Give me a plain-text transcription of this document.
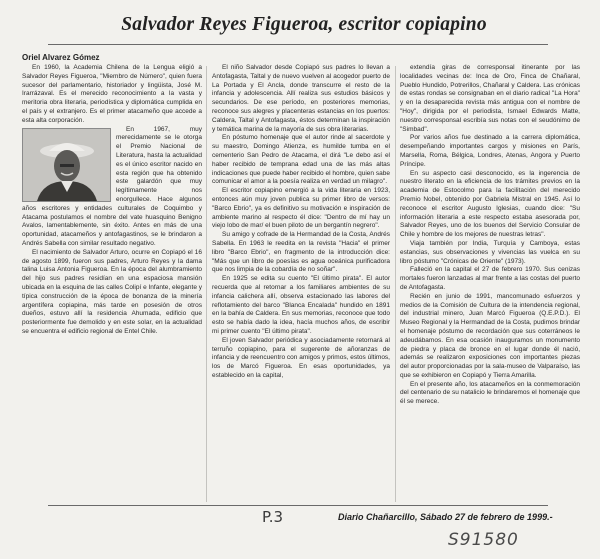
Salvador Reyes Figueroa, escritor copiapino
Oriel Alvarez Gómez

En 1960, la Academia Chilena de la Lengua eligió a Salvador Reyes Figueroa, "Miembro de Número", quien fuera sucesor del parlamentario, historiador y lingüista, José M. Irarrázaval. Es el merecido reconocimiento a la vasta y meritoria obra literaria, periodística y diplomática cumplida en el país y el extranjero. Es el primer atacameño que accede a esta alta corporación.

En 1967, muy merecidamente se le otorga el Premio Nacional de Literatura, hasta la actualidad es el único escritor nacido en esta región que ha obtenido este galardón que muy legítimamente nos enorgullece. Hace algunos años escritores y entidades culturales de Coquimbo y Atacama postulamos el nombre del vate huasquino Benigno Avalos, lamentablemente, sin éxito. Antes en más de una oportunidad, atacameños y antofagastinos, se le brindaron a Andrés Sabella con similar resultado negativo.

El nacimiento de Salvador Arturo, ocurre en Copiapó el 16 de agosto 1899, fueron sus padres, Arturo Reyes y la dama talina Luisa Antonia Figueroa. En la época del alumbramiento del hijo sus padres residían en una espaciosa mansión ubicada en la esquina de las calles Colipí e Infante, elegante y típica construcción de la época de bonanza de la minería argentífera copiapina, más tarde en posesión de otros dueños, estuvo allí la residencia Ahumada, edificio que posteriormente fue demolido y en este solar, en la actualidad se encuentra el edificio regional de Entel Chile.

El niño Salvador desde Copiapó sus padres lo llevan a Antofagasta, Taltal y de nuevo vuelven al acogedor puerto de La Portada y El Ancla, donde transcurre el resto de la infancia y adolescencia. Allí realiza sus estudios básicos y secundarios. De ese período, en posteriores memorias, reconoce sus alegres y placenteras estancias en los puertos: Caldera, Taltal y Antofagasta, éstos determinan la inspiración y temática marina de la mayoría de sus obra literarias.

En póstumo homenaje que el autor rinde al sacerdote y su maestro, Domingo Atienza, es humilde tumba en el cementerio San Pedro de Atacama, el dirá "Le debo así el haber recibido de temprana edad una de las más altas indicaciones que puede haber recibido el hombre, quien sabe comunicar el amor a la poesía realiza en verdad un milagro".

El escritor copiapino emergió a la vida literaria en 1923, entonces aún muy joven publica su primer libro de versos: "Barco Ebrio", ya es definitivo su motivación e inspiración de ambiente marino al respecto él dice: "Dentro de mí hay un viejo lobo de mar/ el buen piloto de un bergantín negrero".

Su amigo y cofrade de la Hermandad de la Costa, Andrés Sabella. En 1963 le reedita en la revista "Hacia" el primer libro "Barco Ebrio", en fragmento de la introducción dice: "Más que un libro de poesías es agua oceánica purificadora que nos limpia de la cobardía de no soñar".

En 1925 se edita su cuento "El último pirata". El autor recuerda que al retornar a los familiares ambientes de su infancia calichera allí, observa estacionado las labores del reflotamiento del barco "Blanca Encalada" hundido en 1891 en la bahía de Caldera. En sus memorias, reconoce que todo esto se había dado la idea, hacía muchos años, de escribir mi primer cuento "El último pirata".

El joven Salvador periódica y asociadamente retornará al terruño copiapino, para el sugerente de añoranzas de infancia y de reencuentro con amigos y primos, estos últimos, los de Marcó Figueroa. En esas oportunidades, ya establecido en la capital,

extendía giras de corresponsal itinerante por las localidades vecinas de: Inca de Oro, Finca de Chañaral, Pueblo Hundido, Potrerillos, Chañaral y Caldera. Las crónicas de estas rondas se consignaban en el diario radical "La Hora" y en la desaparecida revista más antigua con el nombre de "Hoy", dirigida por el periodista, Ismael Edwards Matte, nuestro corresponsal escribía sus notas con el seudónimo de "Simbad".

Por varios años fue destinado a la carrera diplomática, desempeñando importantes cargos y misiones en París, Marsella, Roma, Bélgica, Londres, Atenas, Angora y Puerto Príncipe.

En su aspecto casi desconocido, es la ingerencia de nuestro literato en la eficiencia de los trámites previos en la academia de Estocolmo para la facilitación del merecido Premio Nobel, obtenido por Gabriela Mistral en 1945. Así lo reconoce el escritor Augusto Iglesias, cuando dice: "Su información literaria a este respecto estaba asesorada por, Salvador Reyes, uno de los buenos del Servicio Consular de Chile y hombre de los mejores de nuestras letras".

Viaja también por India, Turquía y Camboya, estas estancias, sus observaciones y vivencias las vuelca en su libro póstumo "Crónicas de Oriente" (1973).

Falleció en la capital el 27 de febrero 1970. Sus cenizas mortales fueron lanzadas al mar frente a las costas del puerto de Antofagasta.

Recién en junio de 1991, mancomunado esfuerzos y medios de la Comisión de Cultura de la intendencia regional, del industrial minero, Juan Marcó Figueroa (Q.E.P.D.). El Museo Regional y la Hermandad de la Costa, pudimos brindar el homenaje póstumo de recordación que sus coterráneos le adeudábamos. En esa ocasión inauguramos un monumento de piedra y placa de bronce en el lugar donde él nació, además se realizaron exposiciones con importantes piezas del autor proporcionadas por la sala-museo de Valparaíso, las que se exhibieron en Copiapó y Tierra Amarilla.

En el presente año, los atacameños en la conmemoración del centenario de su natalicio le brindaremos el homenaje que él se merece.

P.3	Diario Chañarcillo, Sábado 27 de febrero de 1999.-
S91580
